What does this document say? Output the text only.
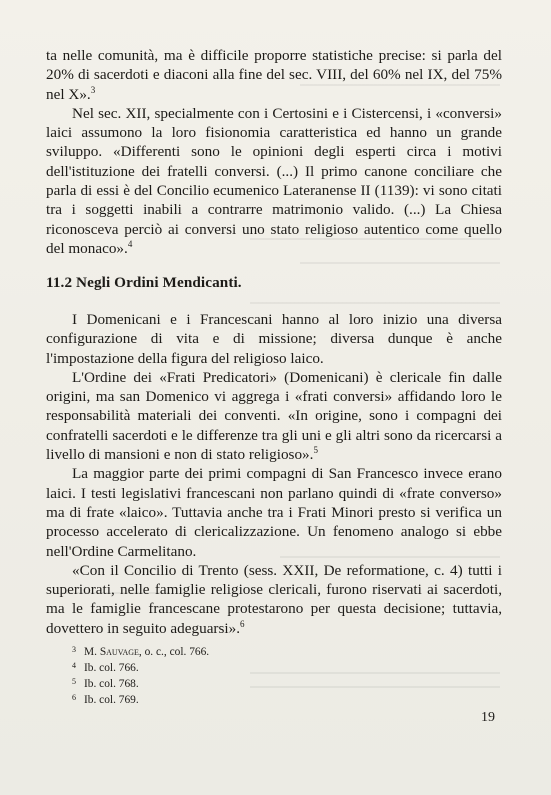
ta nelle comunità, ma è difficile proporre statistiche precise: si parla del 20% di sacerdoti e diaconi alla fine del sec. VIII, del 60% nel IX, del 75% nel X».$^3$

Nel sec. XII, specialmente con i Certosini e i Cistercensi, i «conversi» laici assumono la loro fisionomia caratteristica ed hanno un grande sviluppo. «Differenti sono le opinioni degli esperti circa i motivi dell'istituzione dei fratelli conversi. (...) Il primo canone conciliare che parla di essi è del Concilio ecumenico Lateranense II (1139): vi sono citati tra i soggetti inabili a contrarre matrimonio valido. (...) La Chiesa riconosceva perciò ai conversi uno stato religioso autentico come quello del monaco».$^4$

11.2 Negli Ordini Mendicanti.

I Domenicani e i Francescani hanno al loro inizio una diversa configurazione di vita e di missione; diversa dunque è anche l'impostazione della figura del religioso laico.

L'Ordine dei «Frati Predicatori» (Domenicani) è clericale fin dalle origini, ma san Domenico vi aggrega i «frati conversi» affidando loro le responsabilità materiali dei conventi. «In origine, sono i compagni dei confratelli sacerdoti e le differenze tra gli uni e gli altri sono da ricercarsi a livello di mansioni e non di stato religioso».$^5$

La maggior parte dei primi compagni di San Francesco invece erano laici. I testi legislativi francescani non parlano quindi di «frate converso» ma di frate «laico». Tuttavia anche tra i Frati Minori presto si verifica un processo accelerato di clericalizzazione. Un fenomeno analogo si ebbe nell'Ordine Carmelitano.

«Con il Concilio di Trento (sess. XXII, De reformatione, c. 4) tutti i superiorati, nelle famiglie religiose clericali, furono riservati ai sacerdoti, ma le famiglie francescane protestarono per questa decisione; tuttavia, dovettero in seguito adeguarsi».$^6$

3 M. Sauvage, o. c., col. 766.
4 Ib. col. 766.
5 Ib. col. 768.
6 Ib. col. 769.
19
